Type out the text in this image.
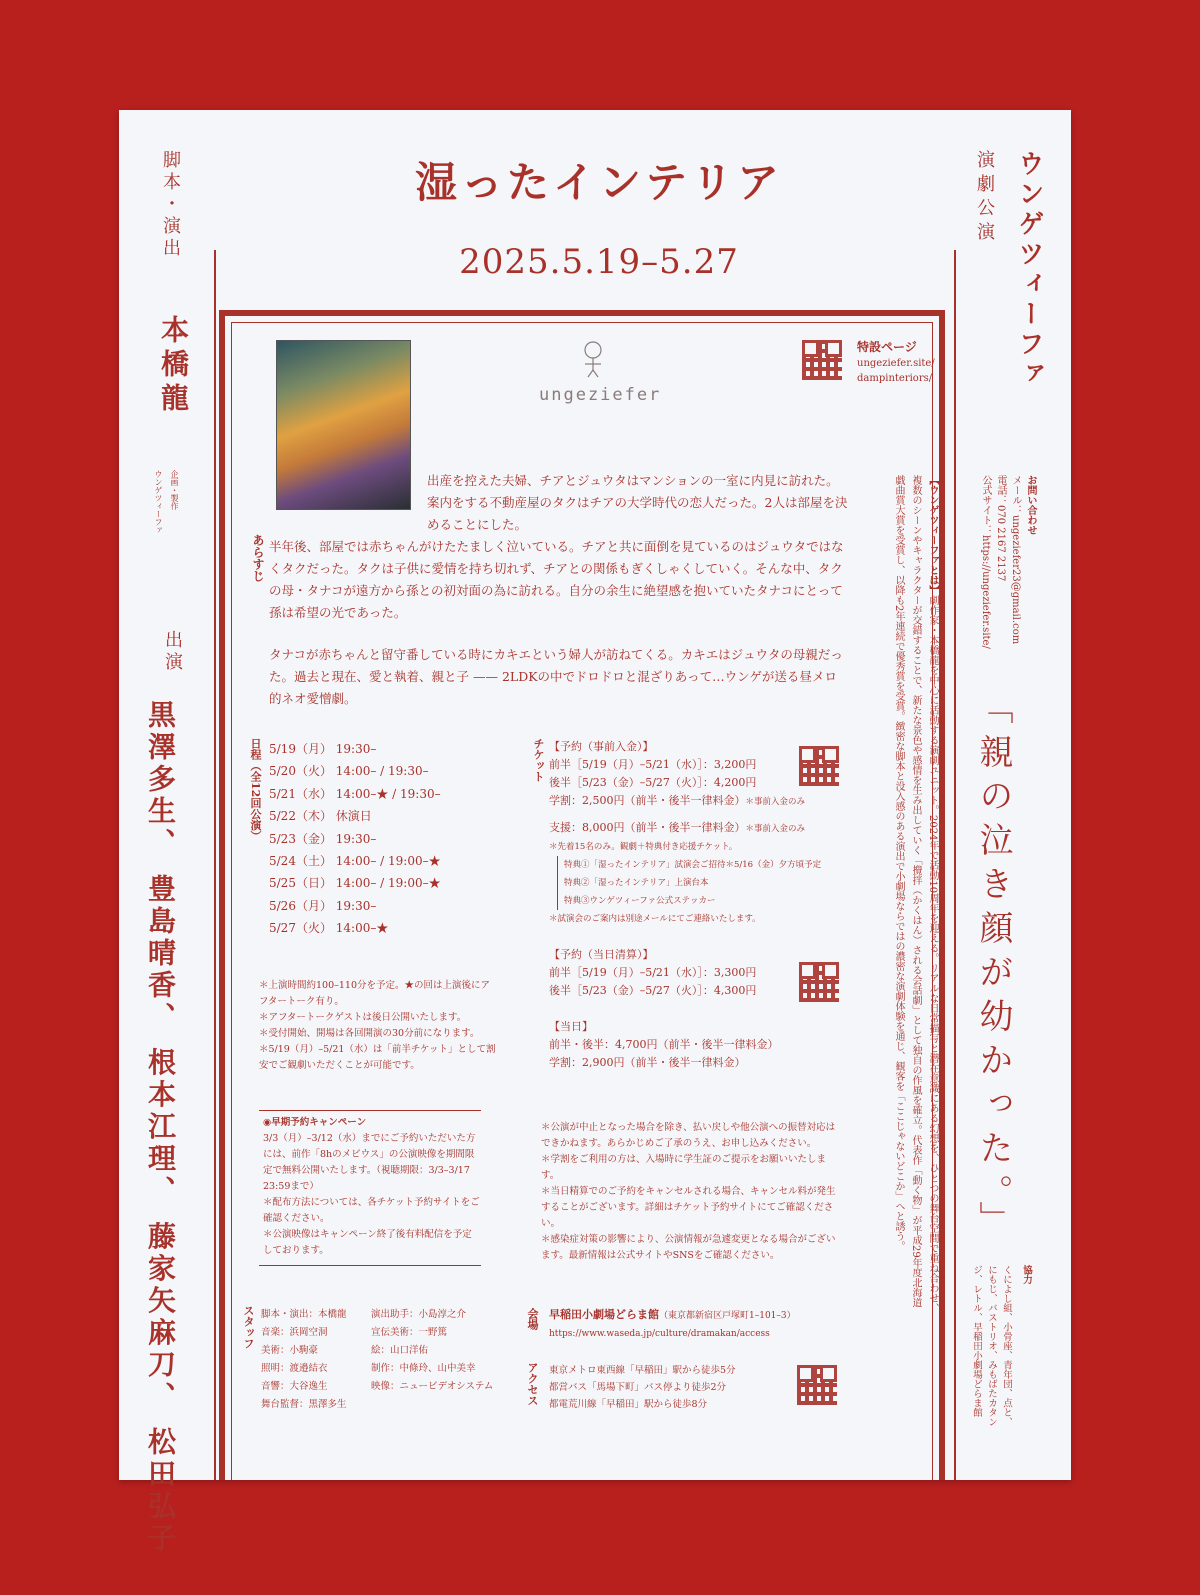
湿ったインテリア
2025.5.19–5.27
脚本・演出
本橋龍
企画・製作
ウンゲツィーファ
出演
黒澤多生、 豊島晴香、 根本江理、 藤家矢麻刀、 松田弘子
ウンゲツィーファ
演劇公演
お問い合わせ
メール：ungeziefer23@gmail.com
電話：070 2167 2137
公式サイト：https://ungeziefer.site/
「親の泣き顔が幼かった。」
協力
くによし組、小骨座、青年団、点と、にもじ、バストリオ、みもばたカタンジ、レトル、早稲田小劇場どらま館
【ウンゲツィーファとは】劇作家・本橋龍を中心に活動する演劇ユニット。2024年で活動10周年を迎える。リアルな日常描写と潜在意識にある幻想を、ひとつの舞台空間で重ね合わせ、複数のシーンやキャラクターが交錯することで、新たな景色や感情を生み出していく「攪拌（かくはん）される会話劇」として独自の作風を確立。代表作「動く物」が平成29年度北海道戯曲賞大賞を受賞し、以降も2年連続で優秀賞を受賞。緻密な脚本と没入感のある演出で小劇場ならではの濃密な演劇体験を通じ、観客を「ここじゃないどこか」へと誘う。
ungeziefer
特設ページ
ungeziefer.site/
dampinteriors/
あらすじ
出産を控えた夫婦、チアとジュウタはマンションの一室に内見に訪れた。案内をする不動産屋のタクはチアの大学時代の恋人だった。2人は部屋を決めることにした。
半年後、部屋では赤ちゃんがけたたましく泣いている。チアと共に面倒を見ているのはジュウタではなくタクだった。タクは子供に愛情を持ち切れず、チアとの関係もぎくしゃくしていく。そんな中、タクの母・タナコが遠方から孫との初対面の為に訪れる。自分の余生に絶望感を抱いていたタナコにとって孫は希望の光であった。
タナコが赤ちゃんと留守番している時にカキエという婦人が訪ねてくる。カキエはジュウタの母親だった。過去と現在、愛と執着、親と子 —— 2LDKの中でドロドロと混ざりあって…ウンゲが送る昼メロ的ネオ愛憎劇。
日程（全12回公演） 5/19（月） 19:30–
5/20（火） 14:00– / 19:30–
5/21（水） 14:00–★ / 19:30–
5/22（木） 休演日
5/23（金） 19:30–
5/24（土） 14:00– / 19:00–★
5/25（日） 14:00– / 19:00–★
5/26（月） 19:30–
5/27（火） 14:00–★
＊上演時間約100–110分を予定。★の回は上演後にアフタートーク有り。
＊アフタートークゲストは後日公開いたします。
＊受付開始、開場は各回開演の30分前になります。
＊5/19（月）–5/21（水）は「前半チケット」として割安でご観劇いただくことが可能です。
◉早期予約キャンペーン
3/3（月）–3/12（水）までにご予約いただいた方には、前作「8hのメビウス」の公演映像を期間限定で無料公開いたします。（視聴期限：3/3–3/17 23:59まで）
＊配布方法については、各チケット予約サイトをご確認ください。
＊公演映像はキャンペーン終了後有料配信を予定しております。
チケット 【予約（事前入金）】
前半［5/19（月）–5/21（水）］：3,200円
後半［5/23（金）–5/27（火）］：4,200円
学割：2,500円（前半・後半一律料金）＊事前入金のみ
支援：8,000円（前半・後半一律料金）＊事前入金のみ
＊先着15名のみ。観劇＋特典付き応援チケット。
特典①「湿ったインテリア」試演会ご招待＊5/16（金）夕方頃予定
特典②「湿ったインテリア」上演台本
特典③ウンゲツィーファ公式ステッカー
＊試演会のご案内は別途メールにてご連絡いたします。
【予約（当日清算）】
前半［5/19（月）–5/21（水）］：3,300円
後半［5/23（金）–5/27（火）］：4,300円
【当日】
前半・後半：4,700円（前半・後半一律料金）
学割：2,900円（前半・後半一律料金）
＊公演が中止となった場合を除き、払い戻しや他公演への振替対応はできかねます。あらかじめご了承のうえ、お申し込みください。
＊学割をご利用の方は、入場時に学生証のご提示をお願いいたします。
＊当日精算でのご予約をキャンセルされる場合、キャンセル料が発生することがございます。詳細はチケット予約サイトにてご確認ください。
＊感染症対策の影響により、公演情報が急遽変更となる場合がございます。最新情報は公式サイトやSNSをご確認ください。
スタッフ 脚本・演出：本橋龍	演出助手：小島淳之介
音楽：浜岡空洞	宣伝美術：一野篤
美術：小駒豪	絵：山口洋佑
照明：渡邉結衣	制作：中條玲、山中美幸
音響：大谷逸生	映像：ニュービデオシステム
舞台監督：黒澤多生
会場 早稲田小劇場どらま館（東京都新宿区戸塚町1–101–3）
https://www.waseda.jp/culture/dramakan/access
アクセス 東京メトロ東西線「早稲田」駅から徒歩5分
都営バス「馬場下町」バス停より徒歩2分
都電荒川線「早稲田」駅から徒歩8分
